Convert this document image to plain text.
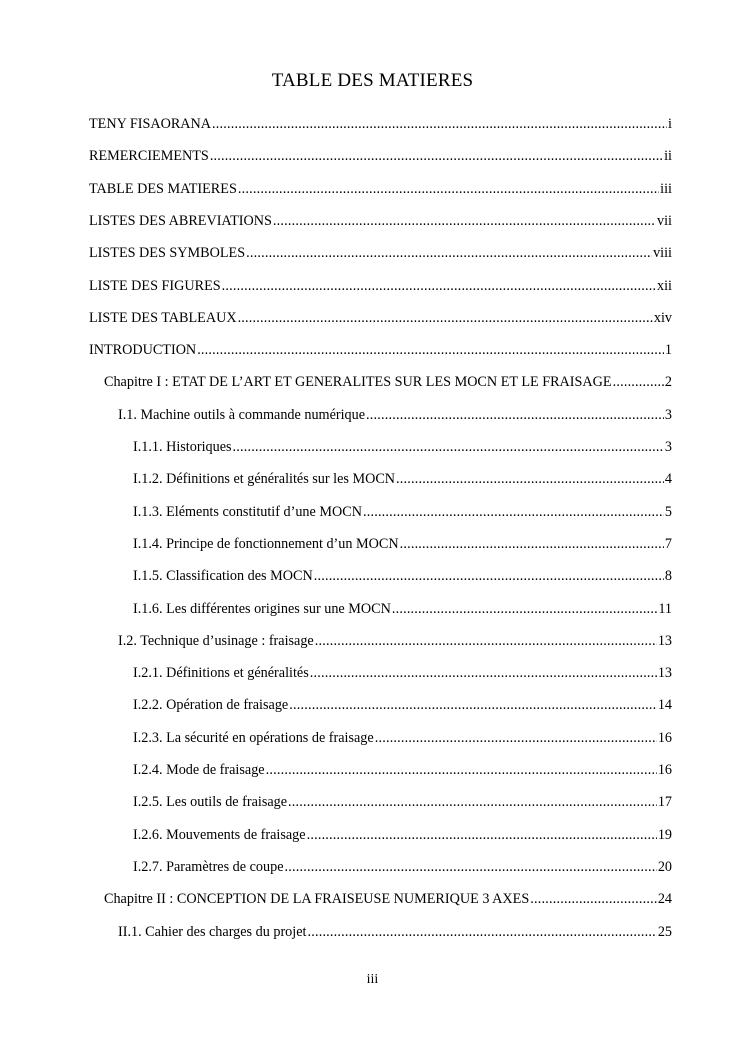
TABLE DES MATIERES
TENY FISAORANA .....	i
REMERCIEMENTS .....	ii
TABLE DES MATIERES .....	iii
LISTES DES ABREVIATIONS .....	vii
LISTES DES SYMBOLES .....	viii
LISTE DES FIGURES .....	xii
LISTE DES TABLEAUX .....	xiv
INTRODUCTION .....	1
Chapitre I : ETAT DE L’ART ET GENERALITES SUR LES MOCN ET LE FRAISAGE .....	2
I.1. Machine outils à commande numérique .....	3
I.1.1. Historiques .....	3
I.1.2. Définitions et généralités sur les MOCN .....	4
I.1.3. Eléments constitutif d’une MOCN .....	5
I.1.4. Principe de fonctionnement d’un MOCN .....	7
I.1.5. Classification des MOCN .....	8
I.1.6. Les différentes origines sur une MOCN .....	11
I.2. Technique d’usinage : fraisage .....	13
I.2.1. Définitions et généralités .....	13
I.2.2. Opération de fraisage .....	14
I.2.3. La sécurité en opérations de fraisage .....	16
I.2.4. Mode de fraisage .....	16
I.2.5. Les outils de fraisage .....	17
I.2.6. Mouvements de fraisage .....	19
I.2.7. Paramètres de coupe .....	20
Chapitre II : CONCEPTION DE LA FRAISEUSE NUMERIQUE 3 AXES .....	24
II.1. Cahier des charges du projet .....	25
iii
